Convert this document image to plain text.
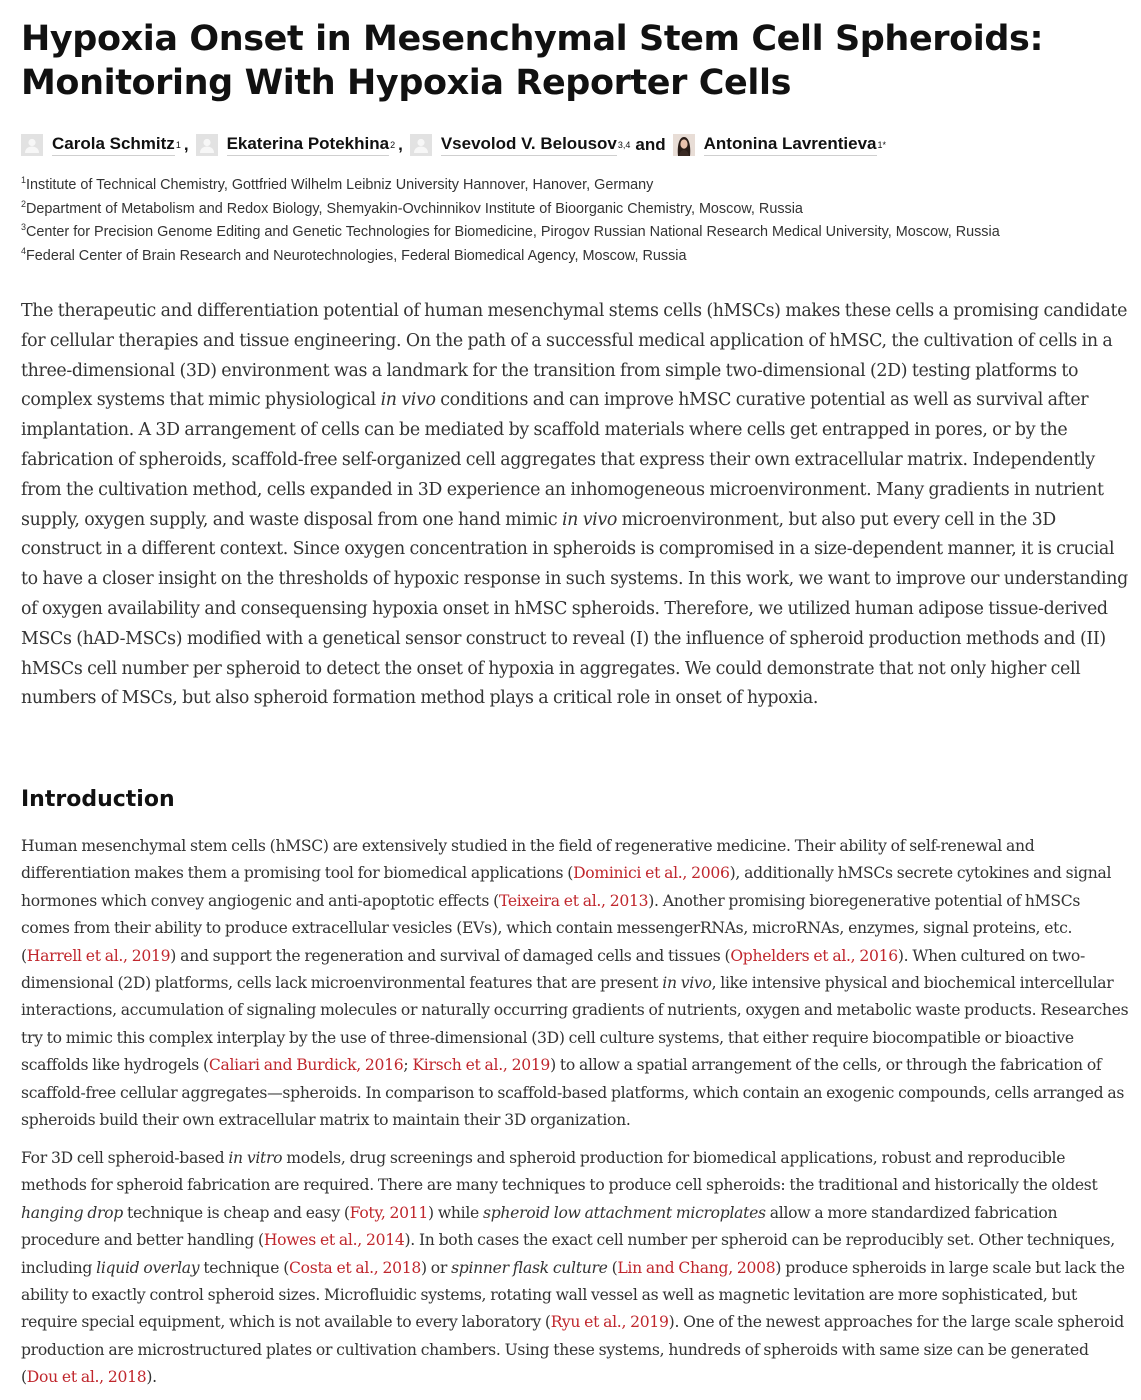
Hypoxia Onset in Mesenchymal Stem Cell Spheroids: Monitoring With Hypoxia Reporter Cells
Carola Schmitz 1 , Ekaterina Potekhina 2 , Vsevolod V. Belousov 3,4 and Antonina Lavrentieva 1*
$^1$Institute of Technical Chemistry, Gottfried Wilhelm Leibniz University Hannover, Hanover, Germany
$^2$Department of Metabolism and Redox Biology, Shemyakin-Ovchinnikov Institute of Bioorganic Chemistry, Moscow, Russia
$^3$Center for Precision Genome Editing and Genetic Technologies for Biomedicine, Pirogov Russian National Research Medical University, Moscow, Russia
$^4$Federal Center of Brain Research and Neurotechnologies, Federal Biomedical Agency, Moscow, Russia

The therapeutic and differentiation potential of human mesenchymal stems cells (hMSCs) makes these cells a promising candidate for cellular therapies and tissue engineering. On the path of a successful medical application of hMSC, the cultivation of cells in a three-dimensional (3D) environment was a landmark for the transition from simple two-dimensional (2D) testing platforms to complex systems that mimic physiological in vivo conditions and can improve hMSC curative potential as well as survival after implantation. A 3D arrangement of cells can be mediated by scaffold materials where cells get entrapped in pores, or by the fabrication of spheroids, scaffold-free self-organized cell aggregates that express their own extracellular matrix. Independently from the cultivation method, cells expanded in 3D experience an inhomogeneous microenvironment. Many gradients in nutrient supply, oxygen supply, and waste disposal from one hand mimic in vivo microenvironment, but also put every cell in the 3D construct in a different context. Since oxygen concentration in spheroids is compromised in a size-dependent manner, it is crucial to have a closer insight on the thresholds of hypoxic response in such systems. In this work, we want to improve our understanding of oxygen availability and consequensing hypoxia onset in hMSC spheroids. Therefore, we utilized human adipose tissue-derived MSCs (hAD-MSCs) modified with a genetical sensor construct to reveal (I) the influence of spheroid production methods and (II) hMSCs cell number per spheroid to detect the onset of hypoxia in aggregates. We could demonstrate that not only higher cell numbers of MSCs, but also spheroid formation method plays a critical role in onset of hypoxia.

Introduction

Human mesenchymal stem cells (hMSC) are extensively studied in the field of regenerative medicine. Their ability of self-renewal and differentiation makes them a promising tool for biomedical applications (Dominici et al., 2006), additionally hMSCs secrete cytokines and signal hormones which convey angiogenic and anti-apoptotic effects (Teixeira et al., 2013). Another promising bioregenerative potential of hMSCs comes from their ability to produce extracellular vesicles (EVs), which contain messengerRNAs, microRNAs, enzymes, signal proteins, etc. (Harrell et al., 2019) and support the regeneration and survival of damaged cells and tissues (Ophelders et al., 2016). When cultured on two-dimensional (2D) platforms, cells lack microenvironmental features that are present in vivo, like intensive physical and biochemical intercellular interactions, accumulation of signaling molecules or naturally occurring gradients of nutrients, oxygen and metabolic waste products. Researches try to mimic this complex interplay by the use of three-dimensional (3D) cell culture systems, that either require biocompatible or bioactive scaffolds like hydrogels (Caliari and Burdick, 2016; Kirsch et al., 2019) to allow a spatial arrangement of the cells, or through the fabrication of scaffold-free cellular aggregates—spheroids. In comparison to scaffold-based platforms, which contain an exogenic compounds, cells arranged as spheroids build their own extracellular matrix to maintain their 3D organization.

For 3D cell spheroid-based in vitro models, drug screenings and spheroid production for biomedical applications, robust and reproducible methods for spheroid fabrication are required. There are many techniques to produce cell spheroids: the traditional and historically the oldest hanging drop technique is cheap and easy (Foty, 2011) while spheroid low attachment microplates allow a more standardized fabrication procedure and better handling (Howes et al., 2014). In both cases the exact cell number per spheroid can be reproducibly set. Other techniques, including liquid overlay technique (Costa et al., 2018) or spinner flask culture (Lin and Chang, 2008) produce spheroids in large scale but lack the ability to exactly control spheroid sizes. Microfluidic systems, rotating wall vessel as well as magnetic levitation are more sophisticated, but require special equipment, which is not available to every laboratory (Ryu et al., 2019). One of the newest approaches for the large scale spheroid production are microstructured plates or cultivation chambers. Using these systems, hundreds of spheroids with same size can be generated (Dou et al., 2018).
